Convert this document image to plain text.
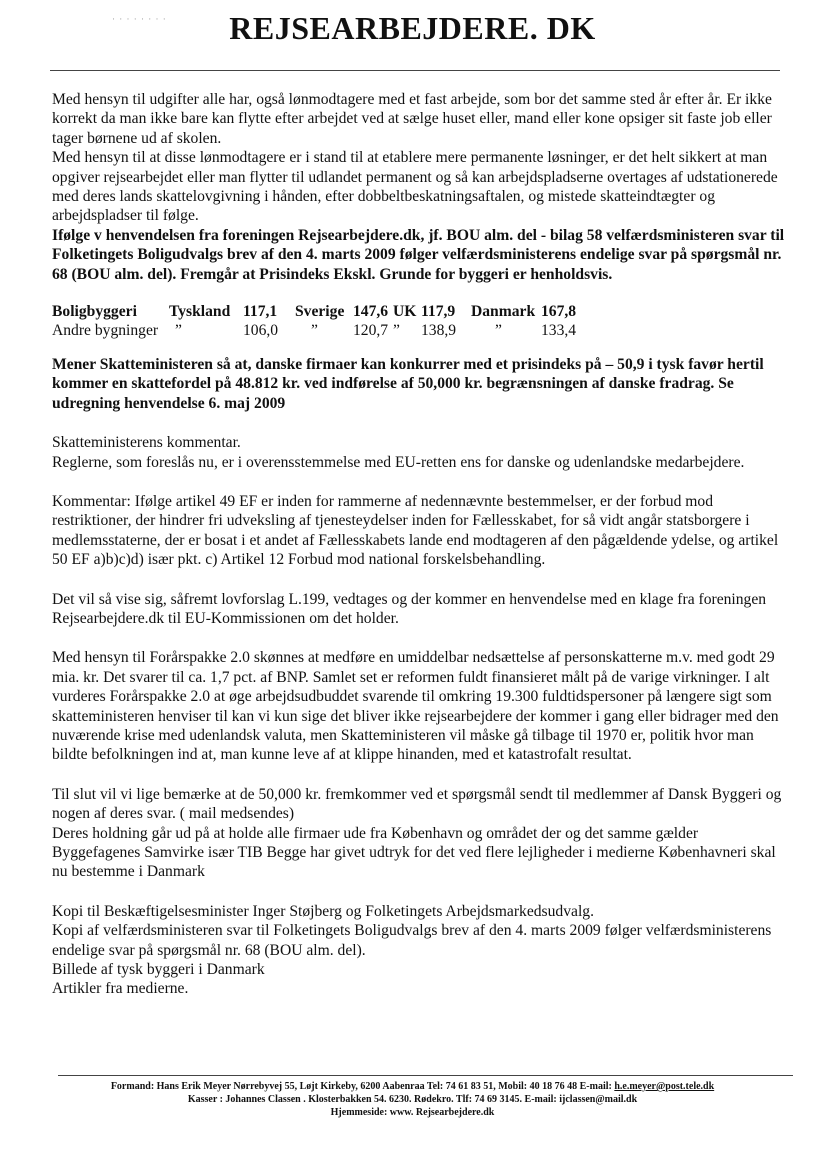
· · · · · · · ·	REJSEARBEJDERE. DK

Med hensyn til udgifter alle har, også lønmodtagere med et fast arbejde, som bor det samme sted år efter år. Er ikke korrekt da man ikke bare kan flytte efter arbejdet ved at sælge huset eller, mand eller kone opsiger sit faste job eller tager børnene ud af skolen.

Med hensyn til at disse lønmodtagere er i stand til at etablere mere permanente løsninger, er det helt sikkert at man opgiver rejsearbejdet eller man flytter til udlandet permanent og så kan arbejdspladserne overtages af udstationerede med deres lands skattelovgivning i hånden, efter dobbeltbeskatningsaftalen, og mistede skatteindtægter og arbejdspladser til følge.

Ifølge v henvendelsen fra foreningen Rejsearbejdere.dk, jf. BOU alm. del - bilag 58 velfærdsministeren svar til Folketingets Boligudvalgs brev af den 4. marts 2009 følger velfærdsministerens endelige svar på spørgsmål nr. 68 (BOU alm. del). Fremgår at Prisindeks Ekskl. Grunde for byggeri er henholdsvis.

Boligbyggeri	Tyskland	117,1	Sverige	147,6	UK	117,9	Danmark	167,8
Andre bygninger	”	106,0	”	120,7	”	138,9	”	133,4

Mener Skatteministeren så at, danske firmaer kan konkurrer med et prisindeks på – 50,9 i tysk favør hertil kommer en skattefordel på 48.812 kr. ved indførelse af 50,000 kr. begrænsningen af danske fradrag. Se udregning henvendelse 6. maj 2009

Skatteministerens kommentar.

Reglerne, som foreslås nu, er i overensstemmelse med EU-retten ens for danske og udenlandske medarbejdere.

Kommentar: Ifølge artikel 49 EF er inden for rammerne af nedennævnte bestemmelser, er der forbud mod restriktioner, der hindrer fri udveksling af tjenesteydelser inden for Fællesskabet, for så vidt angår statsborgere i medlemsstaterne, der er bosat i et andet af Fællesskabets lande end modtageren af den pågældende ydelse, og artikel 50 EF a)b)c)d) især pkt. c) Artikel 12 Forbud mod national forskelsbehandling.

Det vil så vise sig, såfremt lovforslag L.199, vedtages og der kommer en henvendelse med en klage fra foreningen Rejsearbejdere.dk til EU-Kommissionen om det holder.

Med hensyn til Forårspakke 2.0 skønnes at medføre en umiddelbar nedsættelse af personskatterne m.v. med godt 29 mia. kr. Det svarer til ca. 1,7 pct. af BNP. Samlet set er reformen fuldt finansieret målt på de varige virkninger. I alt vurderes Forårspakke 2.0 at øge arbejdsudbuddet svarende til omkring 19.300 fuldtidspersoner på længere sigt som skatteministeren henviser til kan vi kun sige det bliver ikke rejsearbejdere der kommer i gang eller bidrager med den nuværende krise med udenlandsk valuta, men Skatteministeren vil måske gå tilbage til 1970 er, politik hvor man bildte befolkningen ind at, man kunne leve af at klippe hinanden, med et katastrofalt resultat.

Til slut vil vi lige bemærke at de 50,000 kr. fremkommer ved et spørgsmål sendt til medlemmer af Dansk Byggeri og nogen af deres svar. ( mail medsendes)

Deres holdning går ud på at holde alle firmaer ude fra København og området der og det samme gælder Byggefagenes Samvirke især TIB Begge har givet udtryk for det ved flere lejligheder i medierne Københavneri skal nu bestemme i Danmark

Kopi til Beskæftigelsesminister Inger Støjberg og Folketingets Arbejdsmarkedsudvalg.

Kopi af velfærdsministeren svar til Folketingets Boligudvalgs brev af den 4. marts 2009 følger velfærdsministerens endelige svar på spørgsmål nr. 68 (BOU alm. del).

Billede af tysk byggeri i Danmark

Artikler fra medierne.

Formand: Hans Erik Meyer Nørrebyvej 55, Løjt Kirkeby, 6200 Aabenraa Tel: 74 61 83 51, Mobil: 40 18 76 48 E-mail: h.e.meyer@post.tele.dk
Kasser : Johannes Classen . Klosterbakken 54. 6230. Rødekro. Tlf: 74 69 3145. E-mail: ijclassen@mail.dk
Hjemmeside: www. Rejsearbejdere.dk
